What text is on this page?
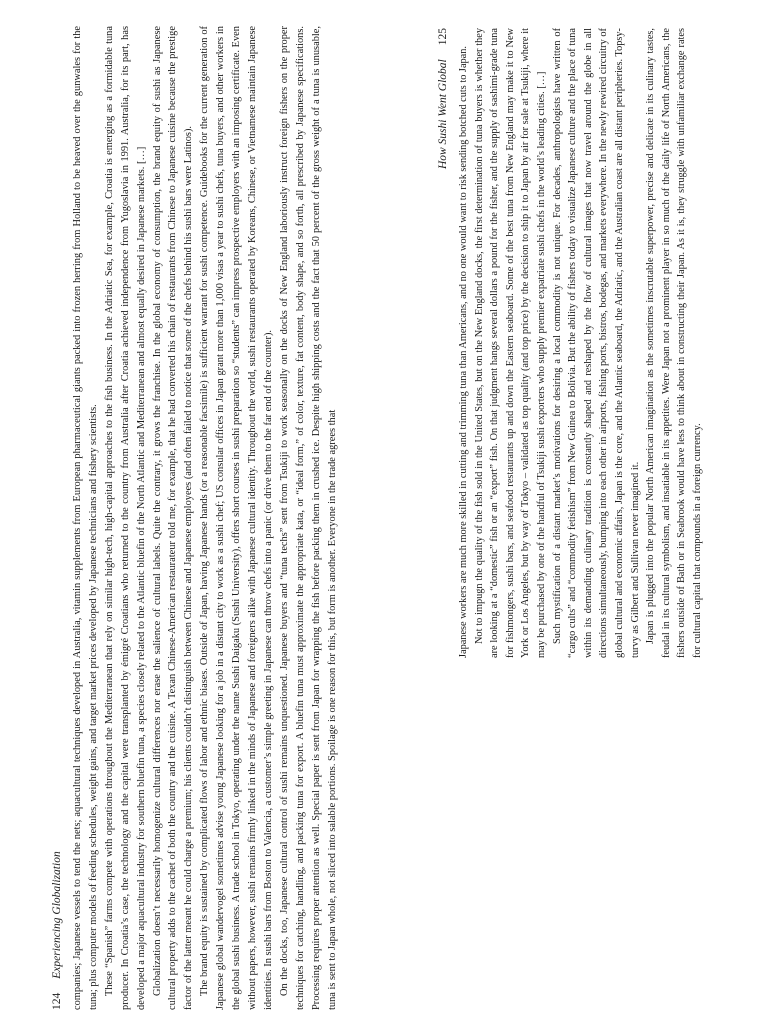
124
Experiencing Globalization companies; Japanese vessels to tend the nets; aquacultural techniques developed in Australia, vitamin supplements from European pharmaceutical giants packed into frozen herring from Holland to be heaved over the gunwales for the tuna; plus computer models of feeding schedules, weight gains, and target market prices developed by Japanese technicians and fishery scientists. These “Spanish” farms compete with operations throughout the Mediterranean that rely on similar high-tech, high-capital approaches to the fish business. In the Adriatic Sea, for example, Croatia is emerging as a formidable tuna producer. In Croatia’s case, the technology and the capital were transplanted by émigré Croatians who returned to the country from Australia after Croatia achieved independence from Yugoslavia in 1991. Australia, for its part, has developed a major aquacultural industry for southern bluefin tuna, a species closely related to the Atlantic bluefin of the North Atlantic and Mediterranean and almost equally desired in Japanese markets. […] Globalization doesn’t necessarily homogenize cultural differences nor erase the salience of cultural labels. Quite the contrary, it grows the franchise. In the global economy of consumption, the brand equity of sushi as Japanese cultural property adds to the cachet of both the country and the cuisine. A Texan Chinese-American restaurateur told me, for example, that he had converted his chain of restaurants from Chinese to Japanese cuisine because the prestige factor of the latter meant he could charge a premium; his clients couldn’t distinguish between Chinese and Japanese employees (and often failed to notice that some of the chefs behind his sushi bars were Latinos). The brand equity is sustained by complicated flows of labor and ethnic biases. Outside of Japan, having Japanese hands (or a reasonable facsimile) is sufficient warrant for sushi competence. Guidebooks for the current generation of Japanese global wandervogel sometimes advise young Japanese looking for a job in a distant city to work as a sushi chef; US consular offices in Japan grant more than 1,000 visas a year to sushi chefs, tuna buyers, and other workers in the global sushi business. A trade school in Tokyo, operating under the name Sushi Daigaku (Sushi University), offers short courses in sushi preparation so “students” can impress prospective employers with an imposing certificate. Even without papers, however, sushi remains firmly linked in the minds of Japanese and foreigners alike with Japanese cultural identity. Throughout the world, sushi restaurants operated by Koreans, Chinese, or Vietnamese maintain Japanese identities. In sushi bars from Boston to Valencia, a customer’s simple greeting in Japanese can throw chefs into a panic (or drive them to the far end of the counter). On the docks, too, Japanese cultural control of sushi remains unquestioned. Japanese buyers and “tuna techs” sent from Tsukiji to work seasonally on the docks of New England laboriously instruct foreign fishers on the proper techniques for catching, handling, and packing tuna for export. A bluefin tuna must approximate the appropriate kata, or “ideal form,” of color, texture, fat content, body shape, and so forth, all prescribed by Japanese specifications. Processing requires proper attention as well. Special paper is sent from Japan for wrapping the fish before packing them in crushed ice. Despite high shipping costs and the fact that 50 percent of the gross weight of a tuna is unusable, tuna is sent to Japan whole, not sliced into salable portions. Spoilage is one reason for this, but form is another. Everyone in the trade agrees that

How Sushi Went Global
125

Japanese workers are much more skilled in cutting and trimming tuna than Americans, and no one would want to risk sending botched cuts to Japan. Not to impugn the quality of the fish sold in the United States, but on the New England docks, the first determination of tuna buyers is whether they are looking at a “domestic” fish or an “export” fish. On that judgment hangs several dollars a pound for the fisher, and the supply of sashimi-grade tuna for fishmongers, sushi bars, and seafood restaurants up and down the Eastern seaboard. Some of the best tuna from New England may make it to New York or Los Angeles, but by way of Tokyo – validated as top quality (and top price) by the decision to ship it to Japan by air for sale at Tsukiji, where it may be purchased by one of the handful of Tsukiji sushi exporters who supply premier expatriate sushi chefs in the world’s leading cities. […] Such mystification of a distant market’s motivations for desiring a local commodity is not unique. For decades, anthropologists have written of “cargo cults” and “commodity fetishism” from New Guinea to Bolivia. But the ability of fishers today to visualize Japanese culture and the place of tuna within its demanding culinary tradition is constantly shaped and reshaped by the flow of cultural images that now travel around the globe in all directions simultaneously, bumping into each other in airports, fishing ports, bistros, bodegas, and markets everywhere. In the newly rewired circuitry of global cultural and economic affairs, Japan is the core, and the Atlantic seaboard, the Adriatic, and the Australian coast are all distant peripheries. Topsy-turvy as Gilbert and Sullivan never imagined it. Japan is plugged into the popular North American imagination as the sometimes inscrutable superpower, precise and delicate in its culinary tastes, feudal in its cultural symbolism, and insatiable in its appetites. Were Japan not a prominent player in so much of the daily life of North Americans, the fishers outside of Bath or in Seabrook would have less to think about in constructing their Japan. As it is, they struggle with unfamiliar exchange rates for cultural capital that compounds in a foreign currency.
